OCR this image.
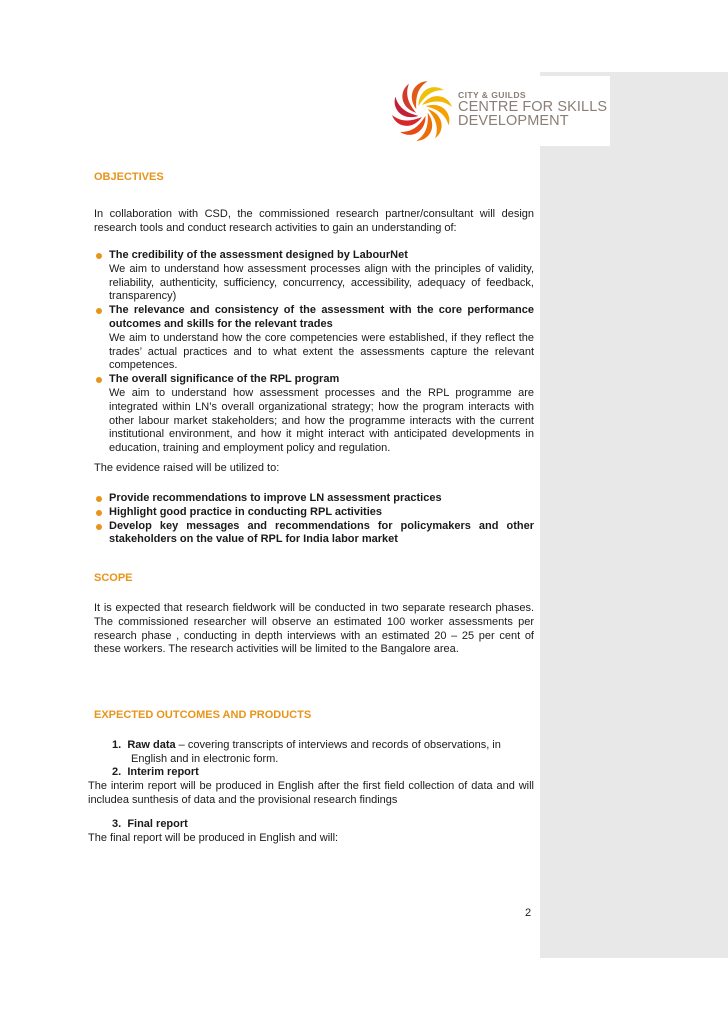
CITY & GUILDS
CENTRE FOR SKILLS
DEVELOPMENT
OBJECTIVES

In collaboration with CSD, the commissioned research partner/consultant will design research tools and conduct research activities to gain an understanding of:

The credibility of the assessment designed by LabourNet
We aim to understand how assessment processes align with the principles of validity, reliability, authenticity, sufficiency, concurrency, accessibility, adequacy of feedback, transparency)
The relevance and consistency of the assessment with the core performance outcomes and skills for the relevant trades
We aim to understand how the core competencies were established, if they reflect the trades’ actual practices and to what extent the assessments capture the relevant competences.
The overall significance of the RPL program
We aim to understand how assessment processes and the RPL programme are integrated within LN’s overall organizational strategy; how the program interacts with other labour market stakeholders; and how the programme interacts with the current institutional environment, and how it might interact with anticipated developments in education, training and employment policy and regulation.

The evidence raised will be utilized to:

Provide recommendations to improve LN assessment practices
Highlight good practice in conducting RPL activities
Develop key messages and recommendations for policymakers and other stakeholders on the value of RPL for India labor market
SCOPE

It is expected that research fieldwork will be conducted in two separate research phases. The commissioned researcher will observe an estimated 100 worker assessments per research phase , conducting in depth interviews with an estimated 20 – 25 per cent of these workers. The research activities will be limited to the Bangalore area.

EXPECTED OUTCOMES AND PRODUCTS
1. Raw data – covering transcripts of interviews and records of observations, in
English and in electronic form.
2. Interim report

The interim report will be produced in English after the first field collection of data and will includea sunthesis of data and the provisional research findings

3. Final report

The final report will be produced in English and will:

2
